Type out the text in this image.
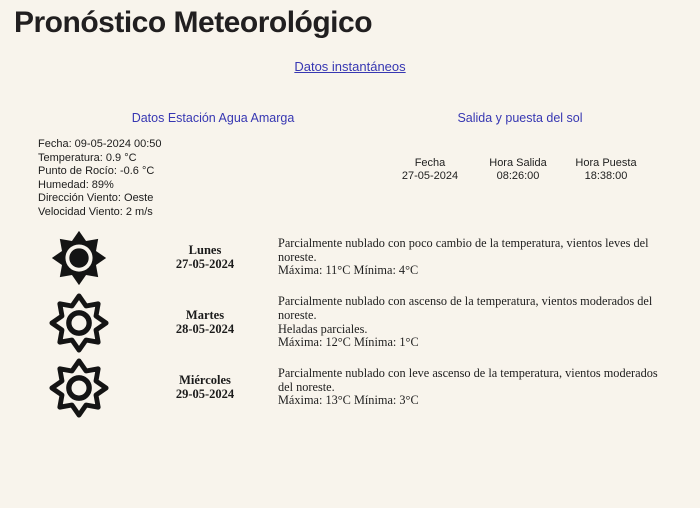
Pronóstico Meteorológico
Datos instantáneos
Datos Estación Agua Amarga	Salida y puesta del sol
Fecha: 09-05-2024 00:50
Temperatura: 0.9 °C
Punto de Rocío: -0.6 °C
Humedad: 89%
Dirección Viento: Oeste
Velocidad Viento: 2 m/s
Fecha
27-05-2024
Hora Salida
08:26:00
Hora Puesta
18:38:00
Lunes
27-05-2024
Parcialmente nublado con poco cambio de la temperatura, vientos leves del noreste.
Máxima: 11°C Mínima: 4°C
Martes
28-05-2024
Parcialmente nublado con ascenso de la temperatura, vientos moderados del noreste.
Heladas parciales.
Máxima: 12°C Mínima: 1°C
Miércoles
29-05-2024
Parcialmente nublado con leve ascenso de la temperatura, vientos moderados del noreste.
Máxima: 13°C Mínima: 3°C
